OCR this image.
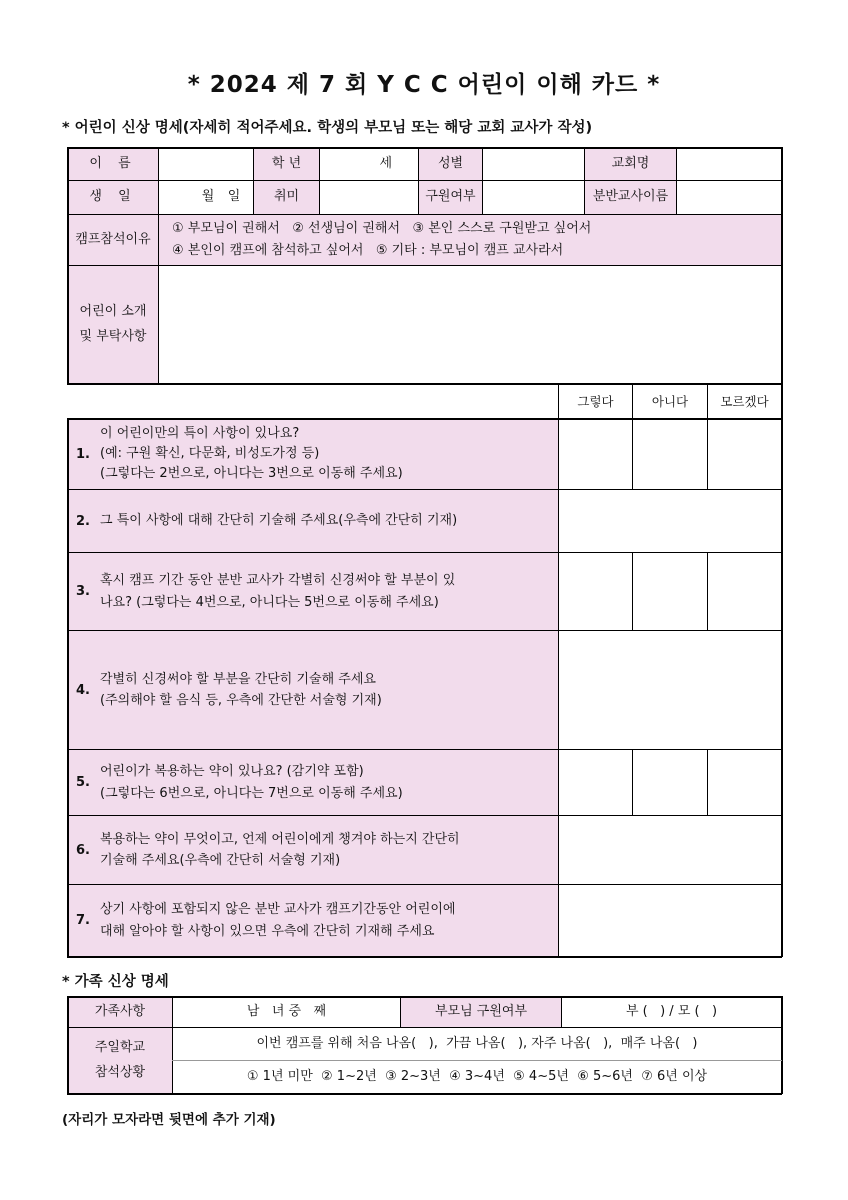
* 2024 제 7 회 Y C C 어린이 이해 카드 *
* 어린이 신상 명세(자세히 적어주세요. 학생의 부모님 또는 해당 교회 교사가 작성)
이 름	학 년	세	성별	교회명
생 일	월 일	취미	구원여부	분반교사이름
캠프참석이유
① 부모님이 권해서   ② 선생님이 권해서   ③ 본인 스스로 구원받고 싶어서
④ 본인이 캠프에 참석하고 싶어서   ⑤ 기타 : 부모님이 캠프 교사라서
어린이 소개
및 부탁사항
그렇다	아니다	모르겠다
1.
이 어린이만의 특이 사항이 있나요?
(예: 구원 확신, 다문화, 비성도가정 등)
(그렇다는 2번으로, 아니다는 3번으로 이동해 주세요)
2. 그 특이 사항에 대해 간단히 기술해 주세요(우측에 간단히 기재)
3.
혹시 캠프 기간 동안 분반 교사가 각별히 신경써야 할 부분이 있
나요? (그렇다는 4번으로, 아니다는 5번으로 이동해 주세요)
4.
각별히 신경써야 할 부분을 간단히 기술해 주세요
(주의해야 할 음식 등, 우측에 간단한 서술형 기재)
5.
어린이가 복용하는 약이 있나요? (감기약 포함)
(그렇다는 6번으로, 아니다는 7번으로 이동해 주세요)
6.
복용하는 약이 무엇이고, 언제 어린이에게 챙겨야 하는지 간단히
기술해 주세요(우측에 간단히 서술형 기재)
7.
상기 사항에 포함되지 않은 분반 교사가 캠프기간동안 어린이에
대해 알아야 할 사항이 있으면 우측에 간단히 기재해 주세요
* 가족 신상 명세
가족사항	남   녀 중   째	부모님 구원여부	부 (   ) / 모 (   )
주일학교
참석상황
이번 캠프를 위해 처음 나옴(   ),  가끔 나옴(   ), 자주 나옴(   ),  매주 나옴(   )
① 1년 미만  ② 1~2년  ③ 2~3년  ④ 3~4년  ⑤ 4~5년  ⑥ 5~6년  ⑦ 6년 이상
(자리가 모자라면 뒷면에 추가 기재)
